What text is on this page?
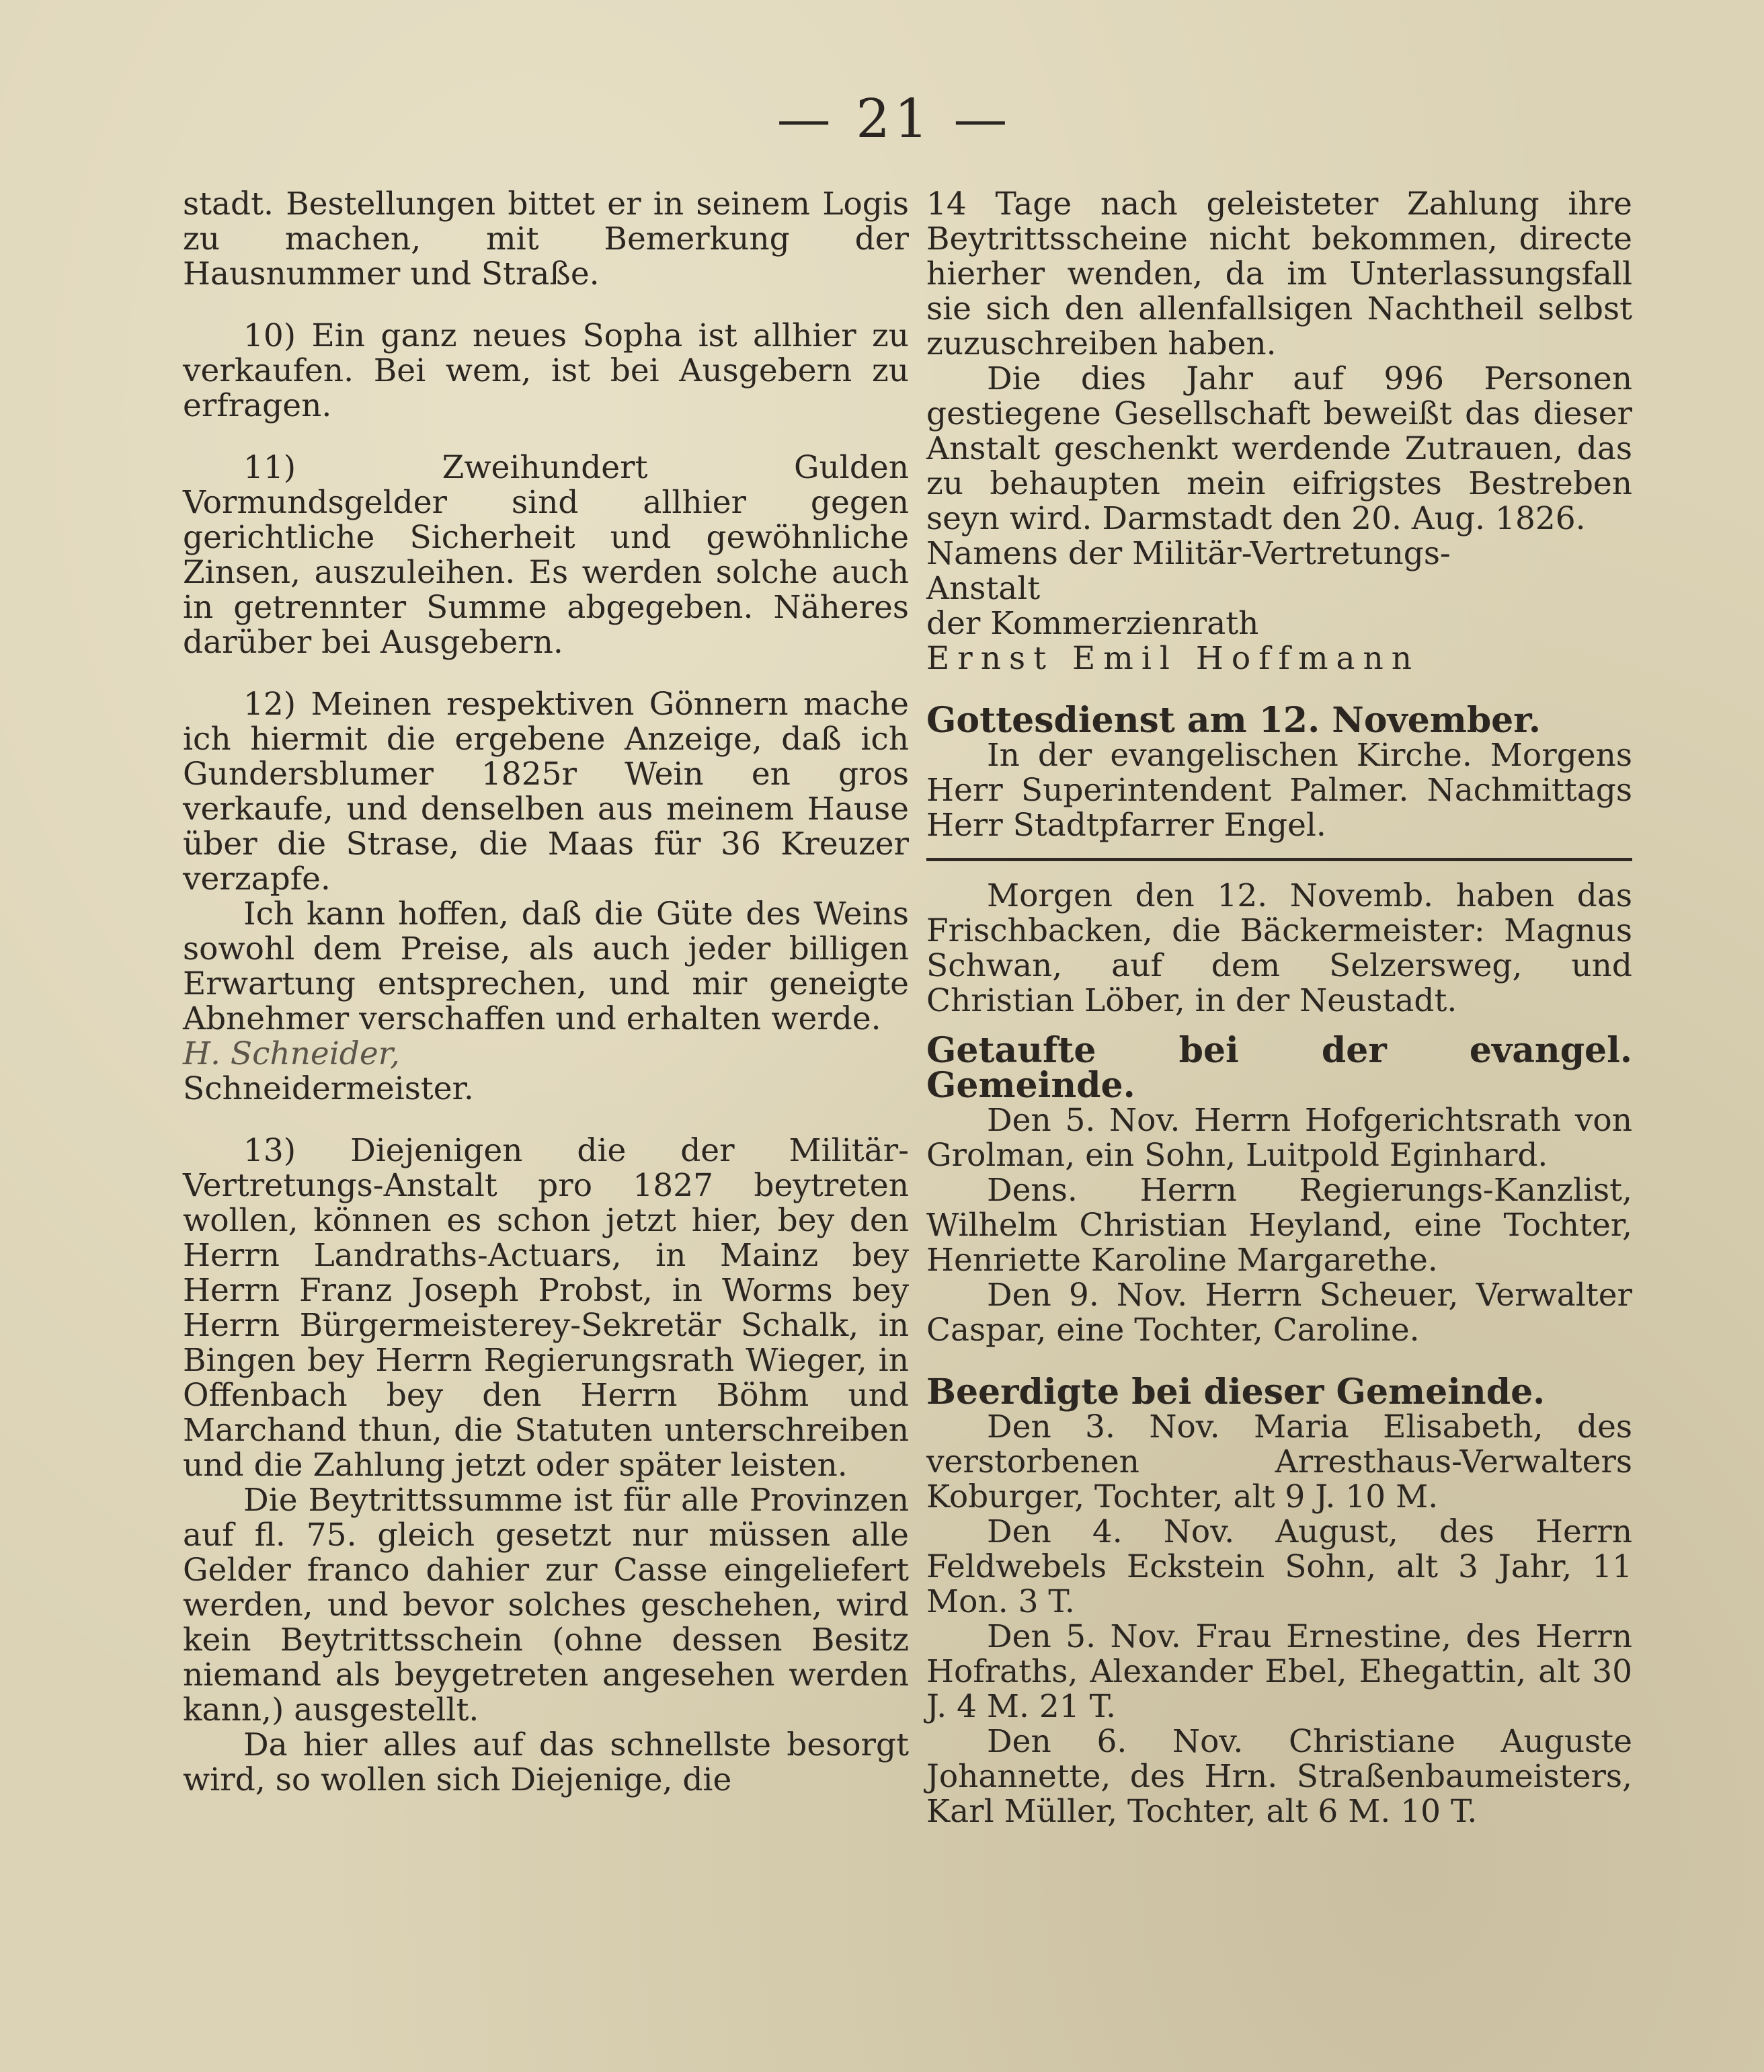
— 21 —

stadt. Bestellungen bittet er in seinem Logis zu machen, mit Bemerkung der Hausnummer und Straße.

10) Ein ganz neues Sopha ist allhier zu verkaufen. Bei wem, ist bei Ausgebern zu erfragen.

11) Zweihundert Gulden Vormundsgelder sind allhier gegen gerichtliche Sicherheit und gewöhnliche Zinsen, auszuleihen. Es werden solche auch in getrennter Summe abgegeben. Näheres darüber bei Ausgebern.

12) Meinen respektiven Gönnern mache ich hiermit die ergebene Anzeige, daß ich Gundersblumer 1825r Wein en gros verkaufe, und denselben aus meinem Hause über die Strase, die Maas für 36 Kreuzer verzapfe.

Ich kann hoffen, daß die Güte des Weins sowohl dem Preise, als auch jeder billigen Erwartung entsprechen, und mir geneigte Abnehmer verschaffen und erhalten werde.

H. Schneider,

Schneidermeister.

13) Diejenigen die der Militär-Vertretungs-Anstalt pro 1827 beytreten wollen, können es schon jetzt hier, bey den Herrn Landraths-Actuars, in Mainz bey Herrn Franz Joseph Probst, in Worms bey Herrn Bürgermeisterey-Sekretär Schalk, in Bingen bey Herrn Regierungsrath Wieger, in Offenbach bey den Herrn Böhm und Marchand thun, die Statuten unterschreiben und die Zahlung jetzt oder später leisten.

Die Beytrittssumme ist für alle Provinzen auf fl. 75. gleich gesetzt nur müssen alle Gelder franco dahier zur Casse eingeliefert werden, und bevor solches geschehen, wird kein Beytrittsschein (ohne dessen Besitz niemand als beygetreten angesehen werden kann,) ausgestellt.

Da hier alles auf das schnellste besorgt wird, so wollen sich Diejenige, die

14 Tage nach geleisteter Zahlung ihre Beytrittsscheine nicht bekommen, directe hierher wenden, da im Unterlassungsfall sie sich den allenfallsigen Nachtheil selbst zuzuschreiben haben.

Die dies Jahr auf 996 Personen gestiegene Gesellschaft beweißt das dieser Anstalt geschenkt werdende Zutrauen, das zu behaupten mein eifrigstes Bestreben seyn wird. Darmstadt den 20. Aug. 1826.

Namens der Militär-Vertretungs-

Anstalt

der Kommerzienrath

Ernst Emil Hoffmann

Gottesdienst am 12. November.

In der evangelischen Kirche. Morgens Herr Superintendent Palmer. Nachmittags Herr Stadtpfarrer Engel.

Morgen den 12. Novemb. haben das Frischbacken, die Bäckermeister: Magnus Schwan, auf dem Selzersweg, und Christian Löber, in der Neustadt.

Getaufte bei der evangel. Gemeinde.

Den 5. Nov. Herrn Hofgerichtsrath von Grolman, ein Sohn, Luitpold Eginhard.

Dens. Herrn Regierungs-Kanzlist, Wilhelm Christian Heyland, eine Tochter, Henriette Karoline Margarethe.

Den 9. Nov. Herrn Scheuer, Verwalter Caspar, eine Tochter, Caroline.

Beerdigte bei dieser Gemeinde.

Den 3. Nov. Maria Elisabeth, des verstorbenen Arresthaus-Verwalters Koburger, Tochter, alt 9 J. 10 M.

Den 4. Nov. August, des Herrn Feldwebels Eckstein Sohn, alt 3 Jahr, 11 Mon. 3 T.

Den 5. Nov. Frau Ernestine, des Herrn Hofraths, Alexander Ebel, Ehegattin, alt 30 J. 4 M. 21 T.

Den 6. Nov. Christiane Auguste Johannette, des Hrn. Straßenbaumeisters, Karl Müller, Tochter, alt 6 M. 10 T.
